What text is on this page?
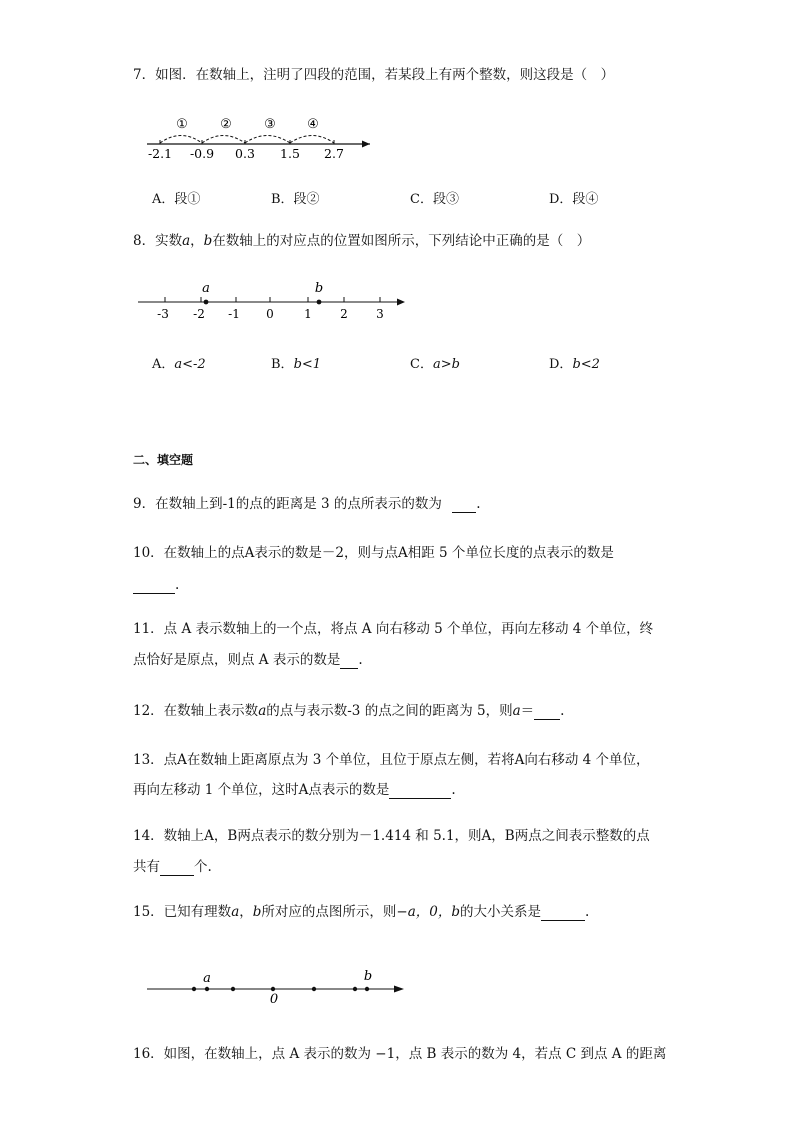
7．如图．在数轴上，注明了四段的范围，若某段上有两个整数，则这段是（　）
① ② ③ ④
-2.1 -0.9 0.3 1.5 2.7
a	b
-3 -2 -1 0	1 2 3
a	b
0
A．段①	B．段②	C．段③	D．段④
8．实数a，b在数轴上的对应点的位置如图所示，下列结论中正确的是（　）
A．a<-2	B．b<1	C．a>b	D．b<2
二、填空题
9．在数轴上到-1的点的距离是 3 的点所表示的数为	.
10．在数轴上的点A表示的数是－2，则与点A相距 5 个单位长度的点表示的数是
.
11．点 A 表示数轴上的一个点，将点 A 向右移动 5 个单位，再向左移动 4 个单位，终
点恰好是原点，则点 A 表示的数是 .
12．在数轴上表示数a的点与表示数-3 的点之间的距离为 5，则a＝ .
13．点A在数轴上距离原点为 3 个单位，且位于原点左侧，若将A向右移动 4 个单位，
再向左移动 1 个单位，这时A点表示的数是	.
14．数轴上A，B两点表示的数分别为－1.414 和 5.1，则A，B两点之间表示整数的点
共有	个.
15．已知有理数a，b所对应的点图所示，则−a，0，b的大小关系是	.
16．如图，在数轴上，点 A 表示的数为 −1，点 B 表示的数为 4，若点 C 到点 A 的距离
